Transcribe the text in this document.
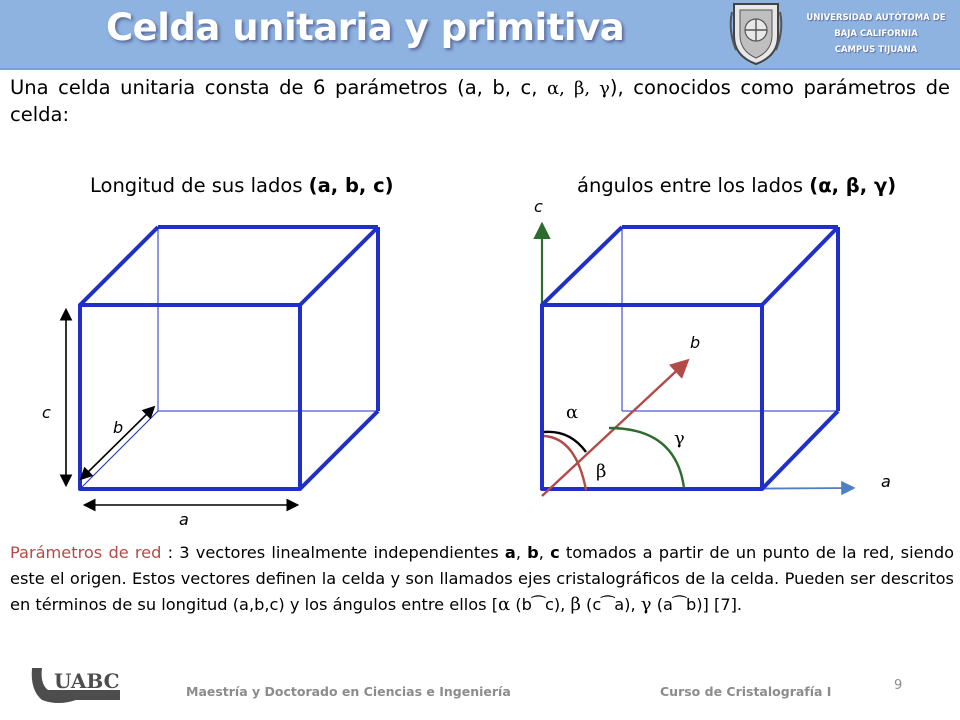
Celda unitaria y primitiva	UNIVERSIDAD AUTÓTOMA DE
BAJA CALIFORNIA
CAMPUS TIJUANA
Una celda unitaria consta de 6 parámetros (a, b, c, α, β, γ), conocidos como parámetros de celda:
Longitud de sus lados (a, b, c)	ángulos entre los lados (α, β, γ)
c
b
a
c
b
a
α
β
γ
Parámetros de red : 3 vectores linealmente independientes a, b, c tomados a partir de un punto de la red, siendo este el origen. Estos vectores definen la celda y son llamados ejes cristalográficos de la celda. Pueden ser descritos en términos de su longitud (a,b,c) y los ángulos entre ellos [α (b⁀c), β (c⁀a), γ (a⁀b)] [7].
UABC	Maestría y Doctorado en Ciencias e Ingeniería	Curso de Cristalografía I	9
